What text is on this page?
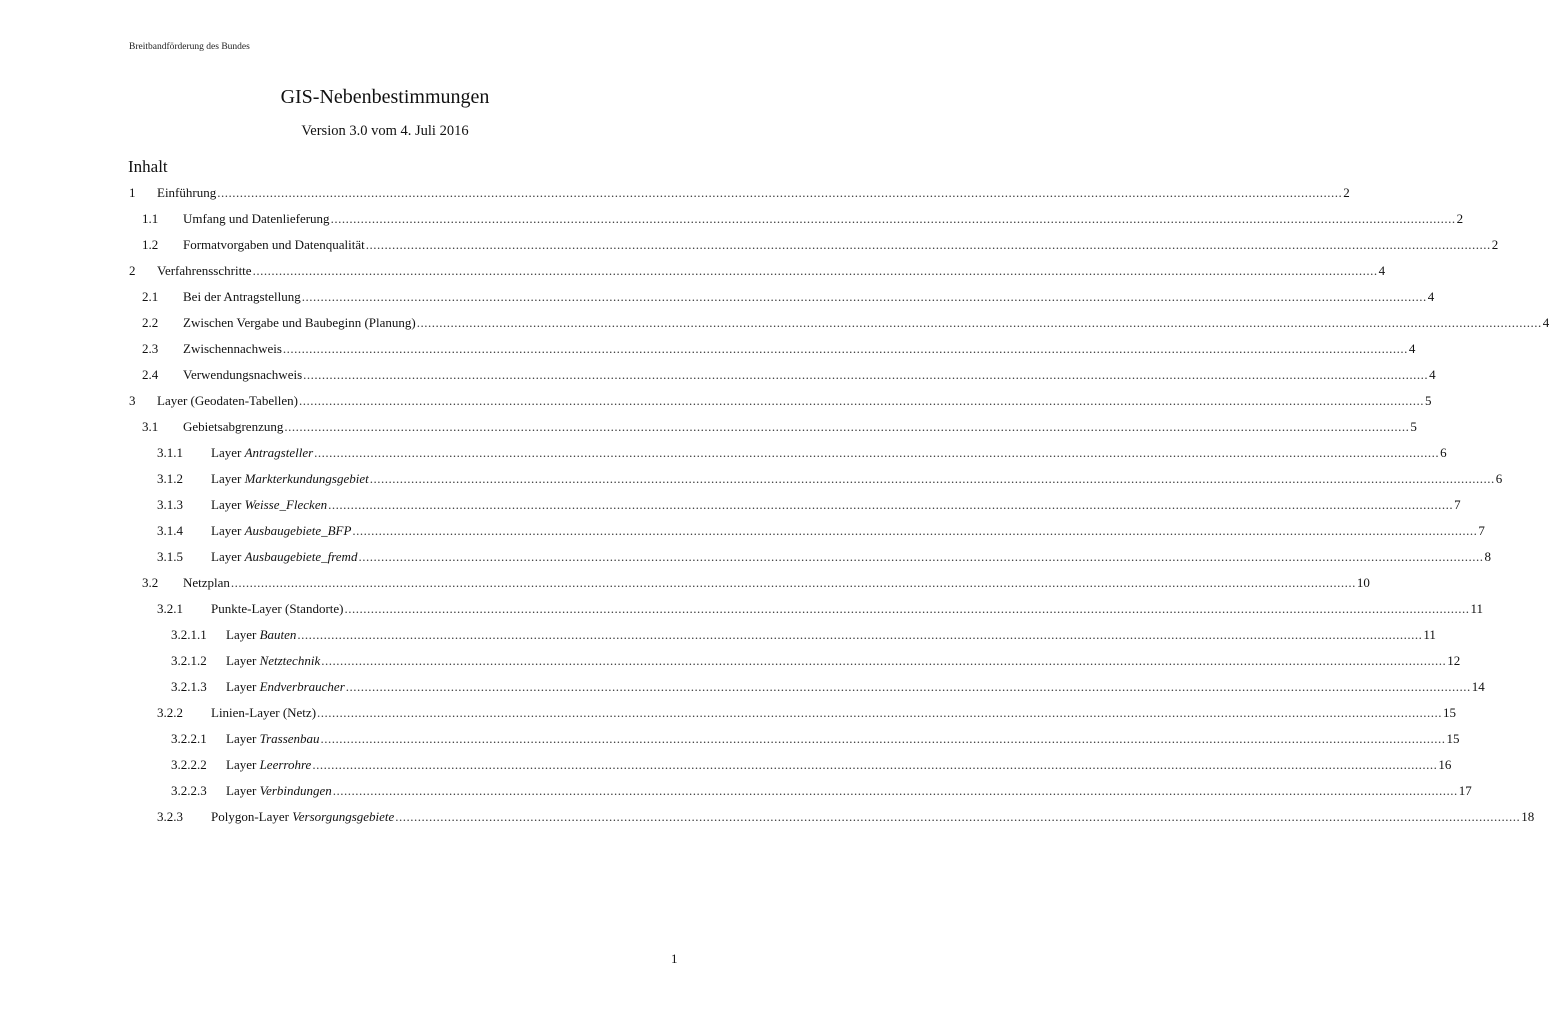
Breitbandförderung des Bundes
GIS-Nebenbestimmungen
Version 3.0 vom 4. Juli 2016
Inhalt
1	Einführung ............................................................................................................................................................................................................................................................................................................ 2
1.1	Umfang und Datenlieferung ............................................................................................................................................................................................................................................................................................................ 2
1.2	Formatvorgaben und Datenqualität ............................................................................................................................................................................................................................................................................................................ 2
2	Verfahrensschritte ............................................................................................................................................................................................................................................................................................................ 4
2.1	Bei der Antragstellung ............................................................................................................................................................................................................................................................................................................ 4
2.2	Zwischen Vergabe und Baubeginn (Planung) ............................................................................................................................................................................................................................................................................................................ 4
2.3	Zwischennachweis ............................................................................................................................................................................................................................................................................................................ 4
2.4	Verwendungsnachweis ............................................................................................................................................................................................................................................................................................................ 4
3	Layer (Geodaten-Tabellen) ............................................................................................................................................................................................................................................................................................................ 5
3.1	Gebietsabgrenzung ............................................................................................................................................................................................................................................................................................................ 5
3.1.1	Layer Antragsteller ............................................................................................................................................................................................................................................................................................................ 6
3.1.2	Layer Markterkundungsgebiet ............................................................................................................................................................................................................................................................................................................ 6
3.1.3	Layer Weisse_Flecken ............................................................................................................................................................................................................................................................................................................ 7
3.1.4	Layer Ausbaugebiete_BFP ............................................................................................................................................................................................................................................................................................................ 7
3.1.5	Layer Ausbaugebiete_fremd ............................................................................................................................................................................................................................................................................................................ 8
3.2	Netzplan ............................................................................................................................................................................................................................................................................................................ 10
3.2.1	Punkte-Layer (Standorte) ............................................................................................................................................................................................................................................................................................................ 11
3.2.1.1	Layer Bauten ............................................................................................................................................................................................................................................................................................................ 11
3.2.1.2	Layer Netztechnik ............................................................................................................................................................................................................................................................................................................ 12
3.2.1.3	Layer Endverbraucher ............................................................................................................................................................................................................................................................................................................ 14
3.2.2	Linien-Layer (Netz) ............................................................................................................................................................................................................................................................................................................ 15
3.2.2.1	Layer Trassenbau ............................................................................................................................................................................................................................................................................................................ 15
3.2.2.2	Layer Leerrohre ............................................................................................................................................................................................................................................................................................................ 16
3.2.2.3	Layer Verbindungen ............................................................................................................................................................................................................................................................................................................ 17
3.2.3	Polygon-Layer Versorgungsgebiete ............................................................................................................................................................................................................................................................................................................ 18
1
